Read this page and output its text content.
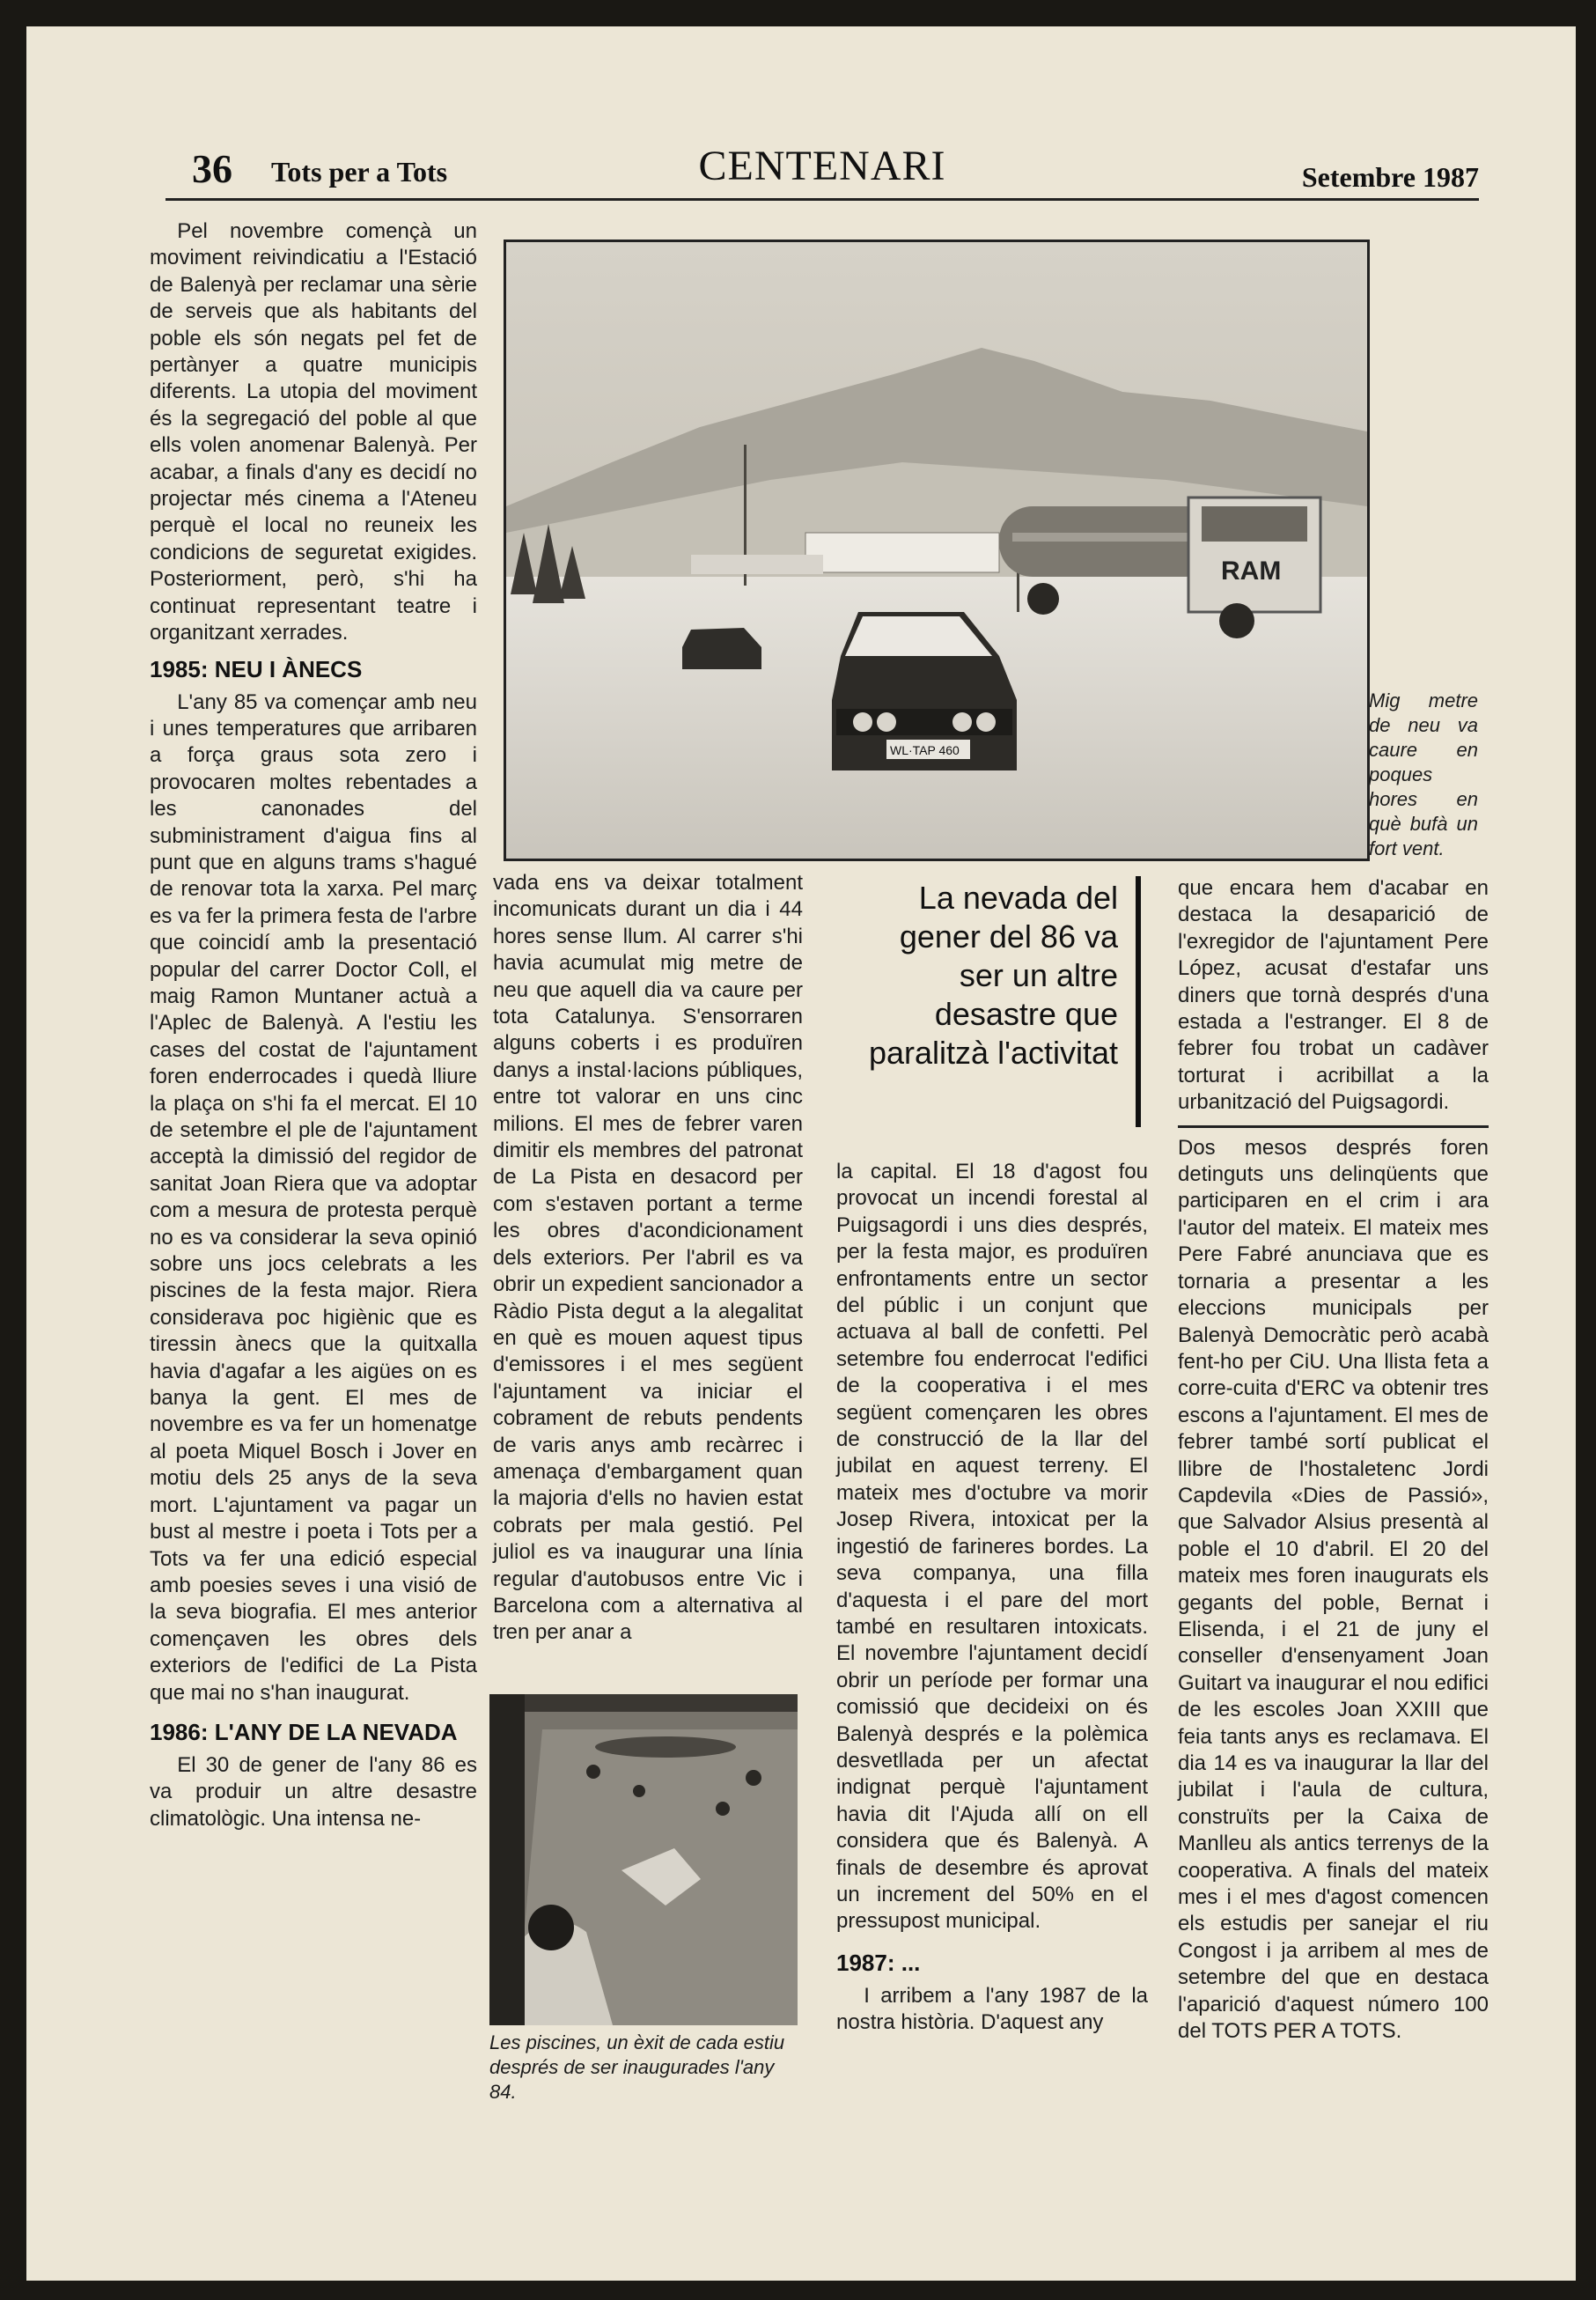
36 Tots per a Tots	CENTENARI	Setembre 1987

Pel novembre començà un moviment reivindicatiu a l'Estació de Balenyà per reclamar una sèrie de serveis que als habitants del poble els són negats pel fet de pertànyer a quatre municipis diferents. La utopia del moviment és la segregació del poble al que ells volen anomenar Balenyà. Per acabar, a finals d'any es decidí no projectar més cinema a l'Ateneu perquè el local no reuneix les condicions de seguretat exigides. Posteriorment, però, s'hi ha continuat representant teatre i organitzant xerrades.

1985: NEU I ÀNECS

L'any 85 va començar amb neu i unes temperatures que arribaren a força graus sota zero i provocaren moltes rebentades a les canonades del subministrament d'aigua fins al punt que en alguns trams s'hagué de renovar tota la xarxa. Pel març es va fer la primera festa de l'arbre que coincidí amb la presentació popular del carrer Doctor Coll, el maig Ramon Muntaner actuà a l'Aplec de Balenyà. A l'estiu les cases del costat de l'ajuntament foren enderrocades i quedà lliure la plaça on s'hi fa el mercat. El 10 de setembre el ple de l'ajuntament acceptà la dimissió del regidor de sanitat Joan Riera que va adoptar com a mesura de protesta perquè no es va considerar la seva opinió sobre uns jocs celebrats a les piscines de la festa major. Riera considerava poc higiènic que es tiressin ànecs que la quitxalla havia d'agafar a les aigües on es banya la gent. El mes de novembre es va fer un homenatge al poeta Miquel Bosch i Jover en motiu dels 25 anys de la seva mort. L'ajuntament va pagar un bust al mestre i poeta i Tots per a Tots va fer una edició especial amb poesies seves i una visió de la seva biografia. El mes anterior començaven les obres dels exteriors de l'edifici de La Pista que mai no s'han inaugurat.

1986: L'ANY DE LA NEVADA

El 30 de gener de l'any 86 es va produir un altre desastre climatològic. Una intensa ne-

RAM
WL·TAP 460
Mig metre de neu va caure en poques hores en què bufà un fort vent.

vada ens va deixar totalment incomunicats durant un dia i 44 hores sense llum. Al carrer s'hi havia acumulat mig metre de neu que aquell dia va caure per tota Catalunya. S'ensorraren alguns coberts i es produïren danys a instal·lacions públiques, entre tot valorar en uns cinc milions. El mes de febrer varen dimitir els membres del patronat de La Pista en desacord per com s'estaven portant a terme les obres d'acondicionament dels exteriors. Per l'abril es va obrir un expedient sancionador a Ràdio Pista degut a la alegalitat en què es mouen aquest tipus d'emissores i el mes següent l'ajuntament va iniciar el cobrament de rebuts pendents de varis anys amb recàrrec i amenaça d'embargament quan la majoria d'ells no havien estat cobrats per mala gestió. Pel juliol es va inaugurar una línia regular d'autobusos entre Vic i Barcelona com a alternativa al tren per anar a

Les piscines, un èxit de cada estiu després de ser inaugurades l'any 84.
La nevada del gener del 86 va ser un altre desastre que paralitzà l'activitat

la capital. El 18 d'agost fou provocat un incendi forestal al Puigsagordi i uns dies després, per la festa major, es produïren enfrontaments entre un sector del públic i un conjunt que actuava al ball de confetti. Pel setembre fou enderrocat l'edifici de la cooperativa i el mes següent començaren les obres de construcció de la llar del jubilat en aquest terreny. El mateix mes d'octubre va morir Josep Rivera, intoxicat per la ingestió de farineres bordes. La seva companya, una filla d'aquesta i el pare del mort també en resultaren intoxicats. El novembre l'ajuntament decidí obrir un període per formar una comissió que decideixi on és Balenyà després e la polèmica desvetllada per un afectat indignat perquè l'ajuntament havia dit l'Ajuda allí on ell considera que és Balenyà. A finals de desembre és aprovat un increment del 50% en el pressupost municipal.

1987: ...

I arribem a l'any 1987 de la nostra història. D'aquest any

que encara hem d'acabar en destaca la desaparició de l'exregidor de l'ajuntament Pere López, acusat d'estafar uns diners que tornà després d'una estada a l'estranger. El 8 de febrer fou trobat un cadàver torturat i acribillat a la urbanització del Puigsagordi.

Dos mesos després foren detinguts uns delinqüents que participaren en el crim i ara l'autor del mateix. El mateix mes Pere Fabré anunciava que es tornaria a presentar a les eleccions municipals per Balenyà Democràtic però acabà fent-ho per CiU. Una llista feta a corre-cuita d'ERC va obtenir tres escons a l'ajuntament. El mes de febrer també sortí publicat el llibre de l'hostaletenc Jordi Capdevila «Dies de Passió», que Salvador Alsius presentà al poble el 10 d'abril. El 20 del mateix mes foren inaugurats els gegants del poble, Bernat i Elisenda, i el 21 de juny el conseller d'ensenyament Joan Guitart va inaugurar el nou edifici de les escoles Joan XXIII que feia tants anys es reclamava. El dia 14 es va inaugurar la llar del jubilat i l'aula de cultura, construïts per la Caixa de Manlleu als antics terrenys de la cooperativa. A finals del mateix mes i el mes d'agost comencen els estudis per sanejar el riu Congost i ja arribem al mes de setembre del que en destaca l'aparició d'aquest número 100 del TOTS PER A TOTS.
